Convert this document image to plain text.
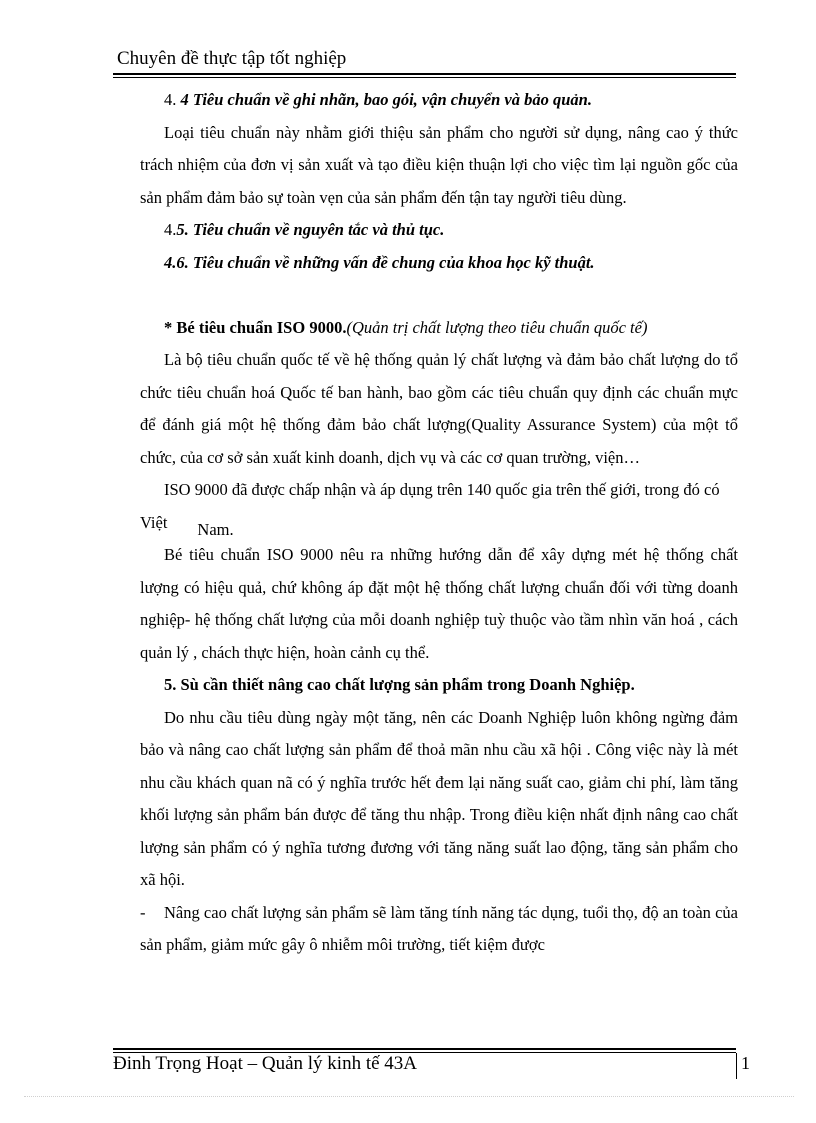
Chuyên đề thực tập tốt nghiệp

4. 4 Tiêu chuẩn về ghi nhãn, bao gói, vận chuyển và bảo quản.

Loại tiêu chuẩn này nhằm giới thiệu sản phẩm cho người sử dụng, nâng cao ý thức trách nhiệm của đơn vị sản xuất và tạo điều kiện thuận lợi cho việc tìm lại nguồn gốc của sản phẩm đảm bảo sự toàn vẹn của sản phẩm đến tận tay người tiêu dùng.

4.5. Tiêu chuẩn về nguyên tắc và thủ tục.

4.6. Tiêu chuẩn về những vấn đề chung của khoa học kỹ thuật.

* Bé tiêu chuẩn ISO 9000.(Quản trị chất lượng theo tiêu chuẩn quốc tế)

Là bộ tiêu chuẩn quốc tế về hệ thống quản lý chất lượng và đảm bảo chất lượng do tổ chức tiêu chuẩn hoá Quốc tế ban hành, bao gồm các tiêu chuẩn quy định các chuẩn mực để đánh giá một hệ thống đảm bảo chất lượng(Quality Assurance System) của một tổ chức, của cơ sở sản xuất kinh doanh, dịch vụ và các cơ quan trường, viện…

ISO 9000 đã được chấp nhận và áp dụng trên 140 quốc gia trên thế giới, trong đó có Việt Nam.

Bé tiêu chuẩn ISO 9000 nêu ra những hướng dẫn để xây dựng mét hệ thống chất lượng có hiệu quả, chứ không áp đặt một hệ thống chất lượng chuẩn đối với từng doanh nghiệp- hệ thống chất lượng của mỗi doanh nghiệp tuỳ thuộc vào tầm nhìn văn hoá , cách quản lý , chách thực hiện, hoàn cảnh cụ thể.

5. Sù cần thiết nâng cao chất lượng sản phẩm trong Doanh Nghiệp.

Do nhu cầu tiêu dùng ngày một tăng, nên các Doanh Nghiệp luôn không ngừng đảm bảo và nâng cao chất lượng sản phẩm để thoả mãn nhu cầu xã hội . Công việc này là mét nhu cầu khách quan nã có ý nghĩa trước hết đem lại năng suất cao, giảm chi phí, làm tăng khối lượng sản phẩm bán được để tăng thu nhập. Trong điều kiện nhất định nâng cao chất lượng sản phẩm có ý nghĩa tương đương với tăng năng suất lao động, tăng sản phẩm cho xã hội.

- Nâng cao chất lượng sản phẩm sẽ làm tăng tính năng tác dụng, tuổi thọ, độ an toàn của sản phẩm, giảm mức gây ô nhiễm môi trường, tiết kiệm được

Đinh Trọng Hoạt – Quản lý kinh tế 43A	1
